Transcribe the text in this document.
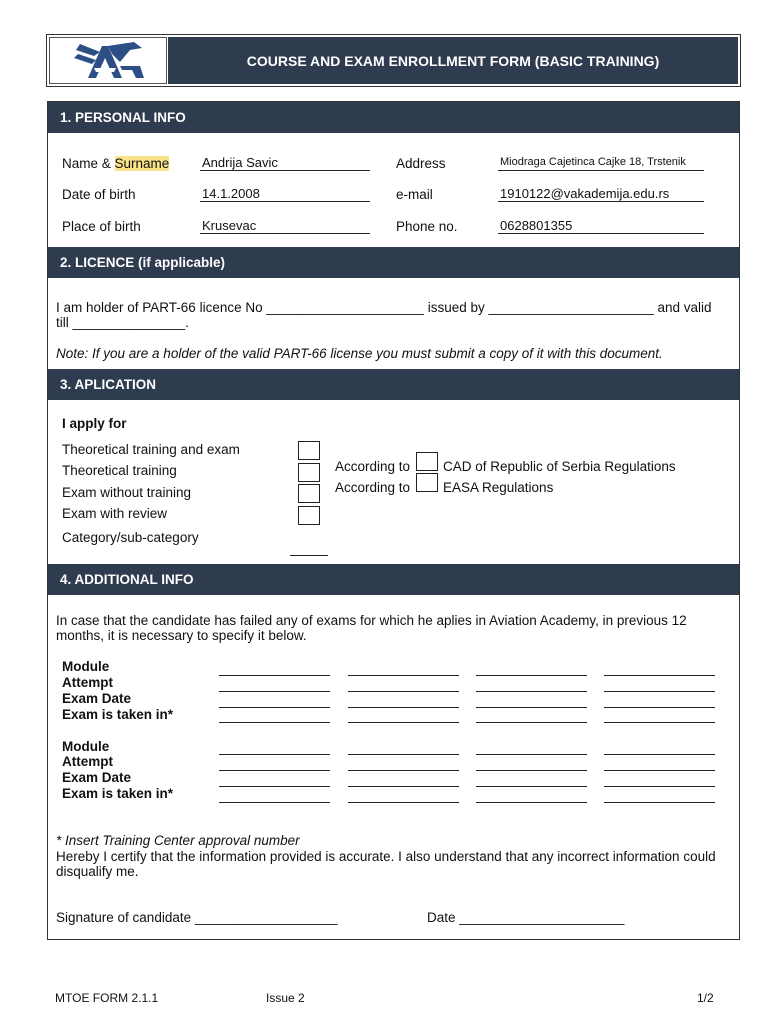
COURSE AND EXAM ENROLLMENT FORM (BASIC TRAINING)
1. PERSONAL INFO
Name & Surname	Andrija Savic
Date of birth	14.1.2008
Place of birth	Krusevac
Address	Miodraga Cajetinca Cajke 18, Trstenik
e-mail	1910122@vakademija.edu.rs
Phone no.	0628801355
2. LICENCE (if applicable)
I am holder of PART-66 licence No _____________________ issued by ______________________ and valid till _______________.
Note: If you are a holder of the valid PART-66 license you must submit a copy of it with this document.
3. APLICATION
I apply for
Theoretical training and exam
Theoretical training
Exam without training
Exam with review
Category/sub-category
According to CAD of Republic of Serbia Regulations
According to EASA Regulations
4. ADDITIONAL INFO
In case that the candidate has failed any of exams for which he aplies in Aviation Academy, in previous 12 months, it is necessary to specify it below.
Module
Attempt
Exam Date
Exam is taken in*
Module
Attempt
Exam Date
Exam is taken in*
* Insert Training Center approval number
Hereby I certify that the information provided is accurate. I also understand that any incorrect information could disqualify me.
Signature of candidate ___________________	Date ______________________
MTOE FORM 2.1.1	Issue 2	1/2
